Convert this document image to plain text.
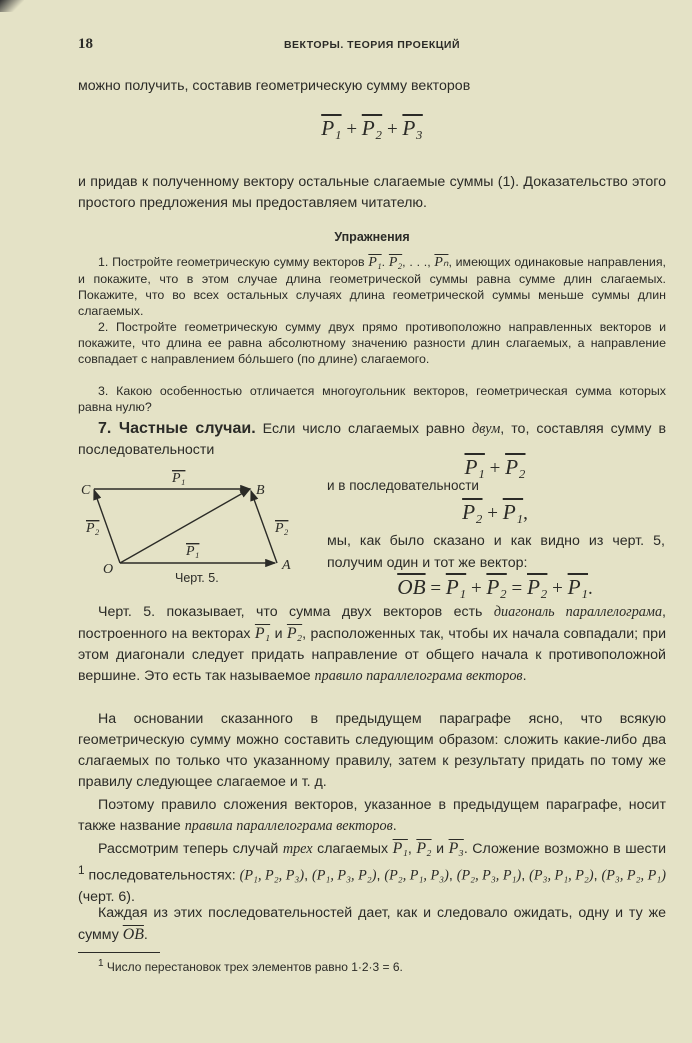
18	ВЕКТОРЫ. ТЕОРИЯ ПРОЕКЦИЙ
можно получить, составив геометрическую сумму векторов
P₁ + P₂ + P₃
и придав к полученному вектору остальные слагаемые суммы (1). Доказательство этого простого предложения мы предоставляем читателю.
Упражнения
1. Постройте геометрическую сумму векторов P₁. P₂, . . ., $\overline{P_n}$, имеющих одинаковые направления, и покажите, что в этом случае длина геометрической суммы равна сумме длин слагаемых. Покажите, что во всех остальных случаях длина геометрической суммы меньше суммы длин слагаемых.
2. Постройте геометрическую сумму двух прямо противоположно направленных векторов и покажите, что длина ее равна абсолютному значению разности длин слагаемых, а направление совпадает с направлением бо́льшего (по длине) слагаемого.
3. Какою особенностью отличается многоугольник векторов, геометрическая сумма которых равна нулю?
7. Частные случаи. Если число слагаемых равно двум, то, составляя сумму в последовательности
O	A
B
C
P₁
P₁
P₂	P₂
Черт. 5.
P₁ + P₂
и в последовательности
P₂ + P₁,
мы, как было сказано и как видно из черт. 5, получим один и тот же вектор:
$\overline{OB} = P_1 + P_2 = P_2 + P_1$.
Черт. 5. показывает, что сумма двух векторов есть диагональ параллелограма, построенного на векторах P₁ и P₂, расположенных так, чтобы их начала совпадали; при этом диагонали следует придать направление от общего начала к противоположной вершине. Это есть так называемое правило параллелограма векторов.
На основании сказанного в предыдущем параграфе ясно, что всякую геометрическую сумму можно составить следующим образом: сложить какие-либо два слагаемых по только что указанному правилу, затем к результату придать по тому же правилу следующее слагаемое и т. д.
Поэтому правило сложения векторов, указанное в предыдущем параграфе, носит также название правила параллелограма векторов.
Рассмотрим теперь случай трех слагаемых P₁, P₂ и P₃. Сложение возможно в шести $^1$ последовательностях: (P₁, P₂, P₃), (P₁, P₃, P₂), (P₂, P₁, P₃), (P₂, P₃, P₁), (P₃, P₁, P₂), (P₃, P₂, P₁) (черт. 6).
Каждая из этих последовательностей дает, как и следовало ожидать, одну и ту же сумму $\overline{OB}$.
$^1$ Число перестановок трех элементов равно 1·2·3 = 6.
